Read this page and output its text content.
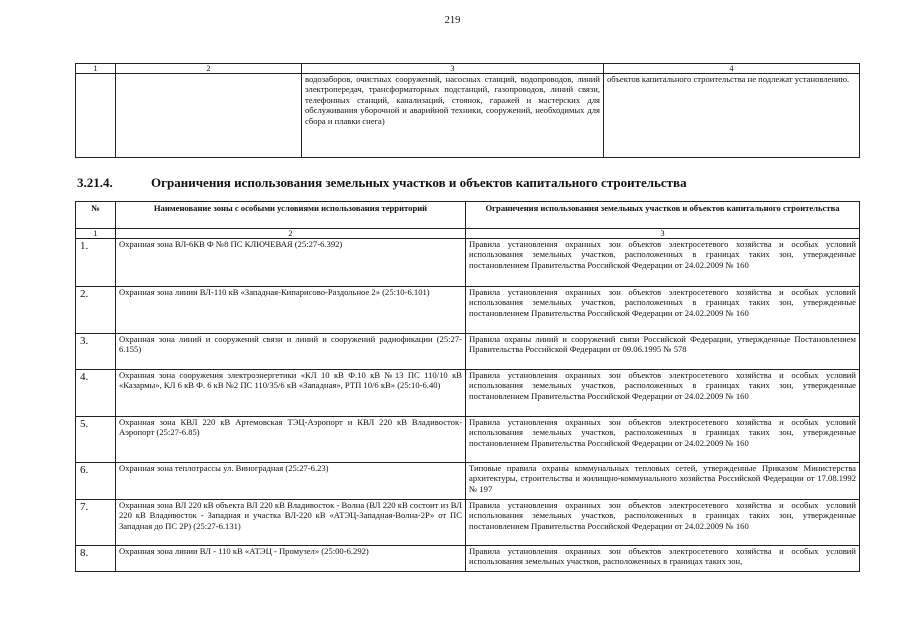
219
1	2	3	4
		водозаборов, очистных сооружений, насосных станций, водопроводов, линий электропередач, трансформаторных подстанций, газопроводов, линий связи, телефонных станций, канализаций, стоянок, гаражей и мастерских для обслуживания уборочной и аварийной техники, сооружений, необходимых для сбора и плавки снега)	объектов капитального строительства не подлежат установлению.
3.21.4.	Ограничения использования земельных участков и объектов капитального строительства
№	Наименование зоны с особыми условиями использования территорий	Ограничения использования земельных участков и объектов капитального строительства
1	2	3
1.	Охранная зона ВЛ-6КВ Ф №8 ПС КЛЮЧЕВАЯ (25:27-6.392)	Правила установления охранных зон объектов электросетевого хозяйства и особых условий использования земельных участков, расположенных в границах таких зон, утвержденные постановлением Правительства Российской Федерации от 24.02.2009 № 160
2.	Охранная зона линии ВЛ-110 кВ «Западная-Кипарисово-Раздольное 2» (25:10-6.101)	Правила установления охранных зон объектов электросетевого хозяйства и особых условий использования земельных участков, расположенных в границах таких зон, утвержденные постановлением Правительства Российской Федерации от 24.02.2009 № 160
3.	Охранная зона линий и сооружений связи и линий и сооружений радиофикации (25:27-6.155)	Правила охраны линий и сооружений связи Российской Федерации, утвержденные Постановлением Правительства Российской Федерации от 09.06.1995 № 578
4.	Охранная зона сооружения электроэнергетики «КЛ 10 кВ Ф.10 кВ №13 ПС 110/10 кВ «Казармы», КЛ 6 кВ Ф. 6 кВ №2 ПС 110/35/6 кВ «Западная», РТП 10/6 кВ» (25:10-6.40)	Правила установления охранных зон объектов электросетевого хозяйства и особых условий использования земельных участков, расположенных в границах таких зон, утвержденные постановлением Правительства Российской Федерации от 24.02.2009 № 160
5.	Охранная зона КВЛ 220 кВ Артемовская ТЭЦ-Аэропорт и КВЛ 220 кВ Владивосток-Аэропорт (25:27-6.85)	Правила установления охранных зон объектов электросетевого хозяйства и особых условий использования земельных участков, расположенных в границах таких зон, утвержденные постановлением Правительства Российской Федерации от 24.02.2009 № 160
6.	Охранная зона теплотрассы ул. Виноградная (25:27-6.23)	Типовые правила охраны коммунальных тепловых сетей, утвержденные Приказом Министерства архитектуры, строительства и жилищно-коммунального хозяйства Российской Федерации от 17.08.1992 № 197
7.	Охранная зона ВЛ 220 кВ объекта ВЛ 220 кВ Владивосток - Волна (ВЛ 220 кВ состоит из ВЛ 220 кВ Владивосток - Западная и участка ВЛ-220 кВ «АТЭЦ-Западная-Волна-2Р» от ПС Западная до ПС 2Р) (25:27-6.131)	Правила установления охранных зон объектов электросетевого хозяйства и особых условий использования земельных участков, расположенных в границах таких зон, утвержденные постановлением Правительства Российской Федерации от 24.02.2009 № 160
8.	Охранная зона линии ВЛ - 110 кВ «АТЭЦ - Промузел» (25:00-6.292)	Правила установления охранных зон объектов электросетевого хозяйства и особых условий использования земельных участков, расположенных в границах таких зон,
